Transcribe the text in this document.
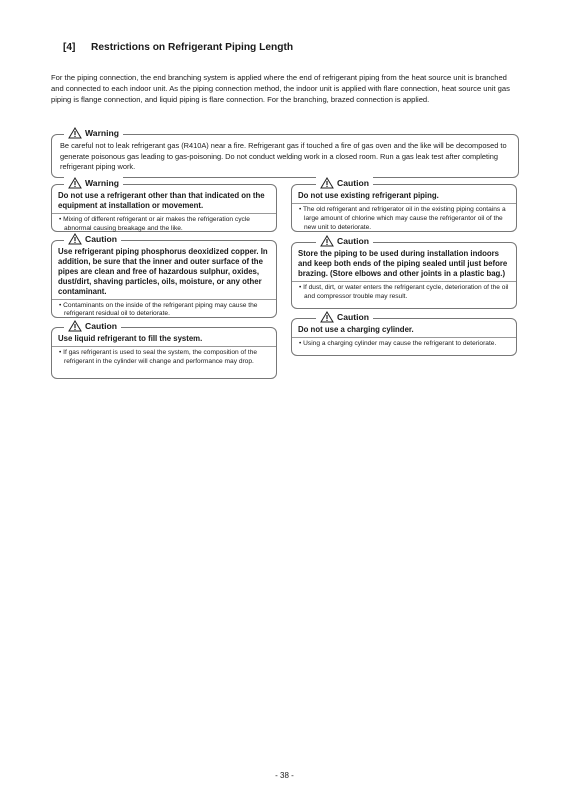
[4] Restrictions on Refrigerant Piping Length
For the piping connection, the end branching system is applied where the end of refrigerant piping from the heat source unit is branched and connected to each indoor unit. As the piping connection method, the indoor unit is applied with flare connection, heat source unit gas piping is flange connection, and liquid piping is flare connection. For the branching, brazed connection is applied.
Warning
Be careful not to leak refrigerant gas (R410A) near a fire. Refrigerant gas if touched a fire of gas oven and the like will be decomposed to generate poisonous gas leading to gas-poisoning. Do not conduct welding work in a closed room. Run a gas leak test after completing refrigerant piping work.
Warning
Do not use a refrigerant other than that indicated on the equipment at installation or movement.
• Mixing of different refrigerant or air makes the refrigeration cycle abnormal causing breakage and the like.
Caution
Use refrigerant piping phosphorus deoxidized copper. In addition, be sure that the inner and outer surface of the pipes are clean and free of hazardous sulphur, oxides, dust/dirt, shaving particles, oils, moisture, or any other contaminant.
• Contaminants on the inside of the refrigerant piping may cause the refrigerant residual oil to deteriorate.
Caution
Use liquid refrigerant to fill the system.
• If gas refrigerant is used to seal the system, the composition of the refrigerant in the cylinder will change and performance may drop.
Caution
Do not use existing refrigerant piping.
• The old refrigerant and refrigerator oil in the existing piping contains a large amount of chlorine which may cause the refrigerantor oil of the new unit to deteriorate.
Caution
Store the piping to be used during installation indoors and keep both ends of the piping sealed until just before brazing. (Store elbows and other joints in a plastic bag.)
• If dust, dirt, or water enters the refrigerant cycle, deterioration of the oil and compressor trouble may result.
Caution
Do not use a charging cylinder.
• Using a charging cylinder may cause the refrigerant to deteriorate.
- 38 -
